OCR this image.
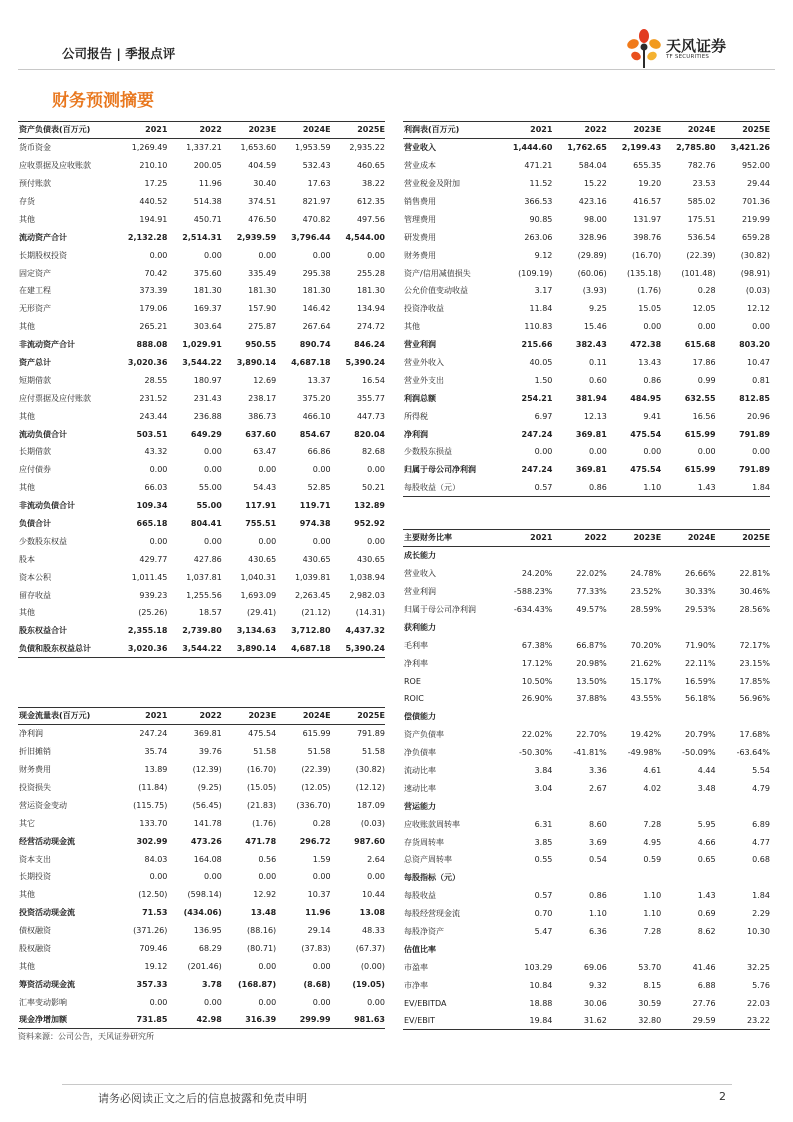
公司报告 | 季报点评	天风证券
TF SECURITIES
财务预测摘要
资产负债表(百万元)	2021	2022	2023E	2024E	2025E
货币资金	1,269.49	1,337.21	1,653.60	1,953.59	2,935.22
应收票据及应收账款	210.10	200.05	404.59	532.43	460.65
预付账款	17.25	11.96	30.40	17.63	38.22
存货	440.52	514.38	374.51	821.97	612.35
其他	194.91	450.71	476.50	470.82	497.56
流动资产合计	2,132.28	2,514.31	2,939.59	3,796.44	4,544.00
长期股权投资	0.00	0.00	0.00	0.00	0.00
固定资产	70.42	375.60	335.49	295.38	255.28
在建工程	373.39	181.30	181.30	181.30	181.30
无形资产	179.06	169.37	157.90	146.42	134.94
其他	265.21	303.64	275.87	267.64	274.72
非流动资产合计	888.08	1,029.91	950.55	890.74	846.24
资产总计	3,020.36	3,544.22	3,890.14	4,687.18	5,390.24
短期借款	28.55	180.97	12.69	13.37	16.54
应付票据及应付账款	231.52	231.43	238.17	375.20	355.77
其他	243.44	236.88	386.73	466.10	447.73
流动负债合计	503.51	649.29	637.60	854.67	820.04
长期借款	43.32	0.00	63.47	66.86	82.68
应付债券	0.00	0.00	0.00	0.00	0.00
其他	66.03	55.00	54.43	52.85	50.21
非流动负债合计	109.34	55.00	117.91	119.71	132.89
负债合计	665.18	804.41	755.51	974.38	952.92
少数股东权益	0.00	0.00	0.00	0.00	0.00
股本	429.77	427.86	430.65	430.65	430.65
资本公积	1,011.45	1,037.81	1,040.31	1,039.81	1,038.94
留存收益	939.23	1,255.56	1,693.09	2,263.45	2,982.03
其他	(25.26)	18.57	(29.41)	(21.12)	(14.31)
股东权益合计	2,355.18	2,739.80	3,134.63	3,712.80	4,437.32
负债和股东权益总计	3,020.36	3,544.22	3,890.14	4,687.18	5,390.24
利润表(百万元)	2021	2022	2023E	2024E	2025E
营业收入	1,444.60	1,762.65	2,199.43	2,785.80	3,421.26
营业成本	471.21	584.04	655.35	782.76	952.00
营业税金及附加	11.52	15.22	19.20	23.53	29.44
销售费用	366.53	423.16	416.57	585.02	701.36
管理费用	90.85	98.00	131.97	175.51	219.99
研发费用	263.06	328.96	398.76	536.54	659.28
财务费用	9.12	(29.89)	(16.70)	(22.39)	(30.82)
资产/信用减值损失	(109.19)	(60.06)	(135.18)	(101.48)	(98.91)
公允价值变动收益	3.17	(3.93)	(1.76)	0.28	(0.03)
投资净收益	11.84	9.25	15.05	12.05	12.12
其他	110.83	15.46	0.00	0.00	0.00
营业利润	215.66	382.43	472.38	615.68	803.20
营业外收入	40.05	0.11	13.43	17.86	10.47
营业外支出	1.50	0.60	0.86	0.99	0.81
利润总额	254.21	381.94	484.95	632.55	812.85
所得税	6.97	12.13	9.41	16.56	20.96
净利润	247.24	369.81	475.54	615.99	791.89
少数股东损益	0.00	0.00	0.00	0.00	0.00
归属于母公司净利润	247.24	369.81	475.54	615.99	791.89
每股收益（元）	0.57	0.86	1.10	1.43	1.84
主要财务比率	2021	2022	2023E	2024E	2025E
成长能力
营业收入	24.20%	22.02%	24.78%	26.66%	22.81%
营业利润	-588.23%	77.33%	23.52%	30.33%	30.46%
归属于母公司净利润	-634.43%	49.57%	28.59%	29.53%	28.56%
获利能力
毛利率	67.38%	66.87%	70.20%	71.90%	72.17%
净利率	17.12%	20.98%	21.62%	22.11%	23.15%
ROE	10.50%	13.50%	15.17%	16.59%	17.85%
ROIC	26.90%	37.88%	43.55%	56.18%	56.96%
偿债能力
资产负债率	22.02%	22.70%	19.42%	20.79%	17.68%
净负债率	-50.30%	-41.81%	-49.98%	-50.09%	-63.64%
流动比率	3.84	3.36	4.61	4.44	5.54
速动比率	3.04	2.67	4.02	3.48	4.79
营运能力
应收账款周转率	6.31	8.60	7.28	5.95	6.89
存货周转率	3.85	3.69	4.95	4.66	4.77
总资产周转率	0.55	0.54	0.59	0.65	0.68
每股指标（元）
每股收益	0.57	0.86	1.10	1.43	1.84
每股经营现金流	0.70	1.10	1.10	0.69	2.29
每股净资产	5.47	6.36	7.28	8.62	10.30
估值比率
市盈率	103.29	69.06	53.70	41.46	32.25
市净率	10.84	9.32	8.15	6.88	5.76
EV/EBITDA	18.88	30.06	30.59	27.76	22.03
EV/EBIT	19.84	31.62	32.80	29.59	23.22
现金流量表(百万元)	2021	2022	2023E	2024E	2025E
净利润	247.24	369.81	475.54	615.99	791.89
折旧摊销	35.74	39.76	51.58	51.58	51.58
财务费用	13.89	(12.39)	(16.70)	(22.39)	(30.82)
投资损失	(11.84)	(9.25)	(15.05)	(12.05)	(12.12)
营运资金变动	(115.75)	(56.45)	(21.83)	(336.70)	187.09
其它	133.70	141.78	(1.76)	0.28	(0.03)
经营活动现金流	302.99	473.26	471.78	296.72	987.60
资本支出	84.03	164.08	0.56	1.59	2.64
长期投资	0.00	0.00	0.00	0.00	0.00
其他	(12.50)	(598.14)	12.92	10.37	10.44
投资活动现金流	71.53	(434.06)	13.48	11.96	13.08
债权融资	(371.26)	136.95	(88.16)	29.14	48.33
股权融资	709.46	68.29	(80.71)	(37.83)	(67.37)
其他	19.12	(201.46)	0.00	0.00	(0.00)
筹资活动现金流	357.33	3.78	(168.87)	(8.68)	(19.05)
汇率变动影响	0.00	0.00	0.00	0.00	0.00
现金净增加额	731.85	42.98	316.39	299.99	981.63
资料来源：公司公告，天风证券研究所
请务必阅读正文之后的信息披露和免责申明	2
